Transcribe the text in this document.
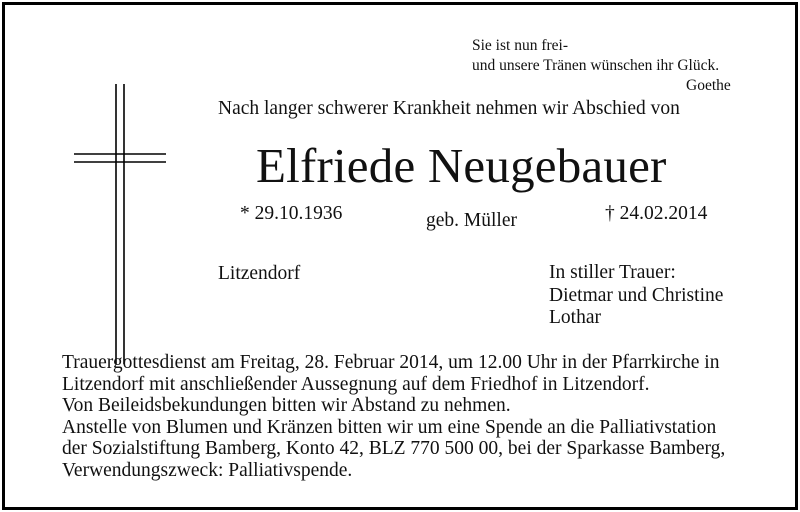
Sie ist nun frei-
und unsere Tränen wünschen ihr Glück.
Goethe
Nach langer schwerer Krankheit nehmen wir Abschied von
Elfriede Neugebauer
* 29.10.1936	geb. Müller	† 24.02.2014
Litzendorf	In stiller Trauer:
Dietmar und Christine
Lothar
Trauergottesdienst am Freitag, 28. Februar 2014, um 12.00 Uhr in der Pfarrkirche in
Litzendorf mit anschließender Aussegnung auf dem Friedhof in Litzendorf.
Von Beileidsbekundungen bitten wir Abstand zu nehmen.
Anstelle von Blumen und Kränzen bitten wir um eine Spende an die Palliativstation
der Sozialstiftung Bamberg, Konto 42, BLZ 770 500 00, bei der Sparkasse Bamberg,
Verwendungszweck: Palliativspende.
